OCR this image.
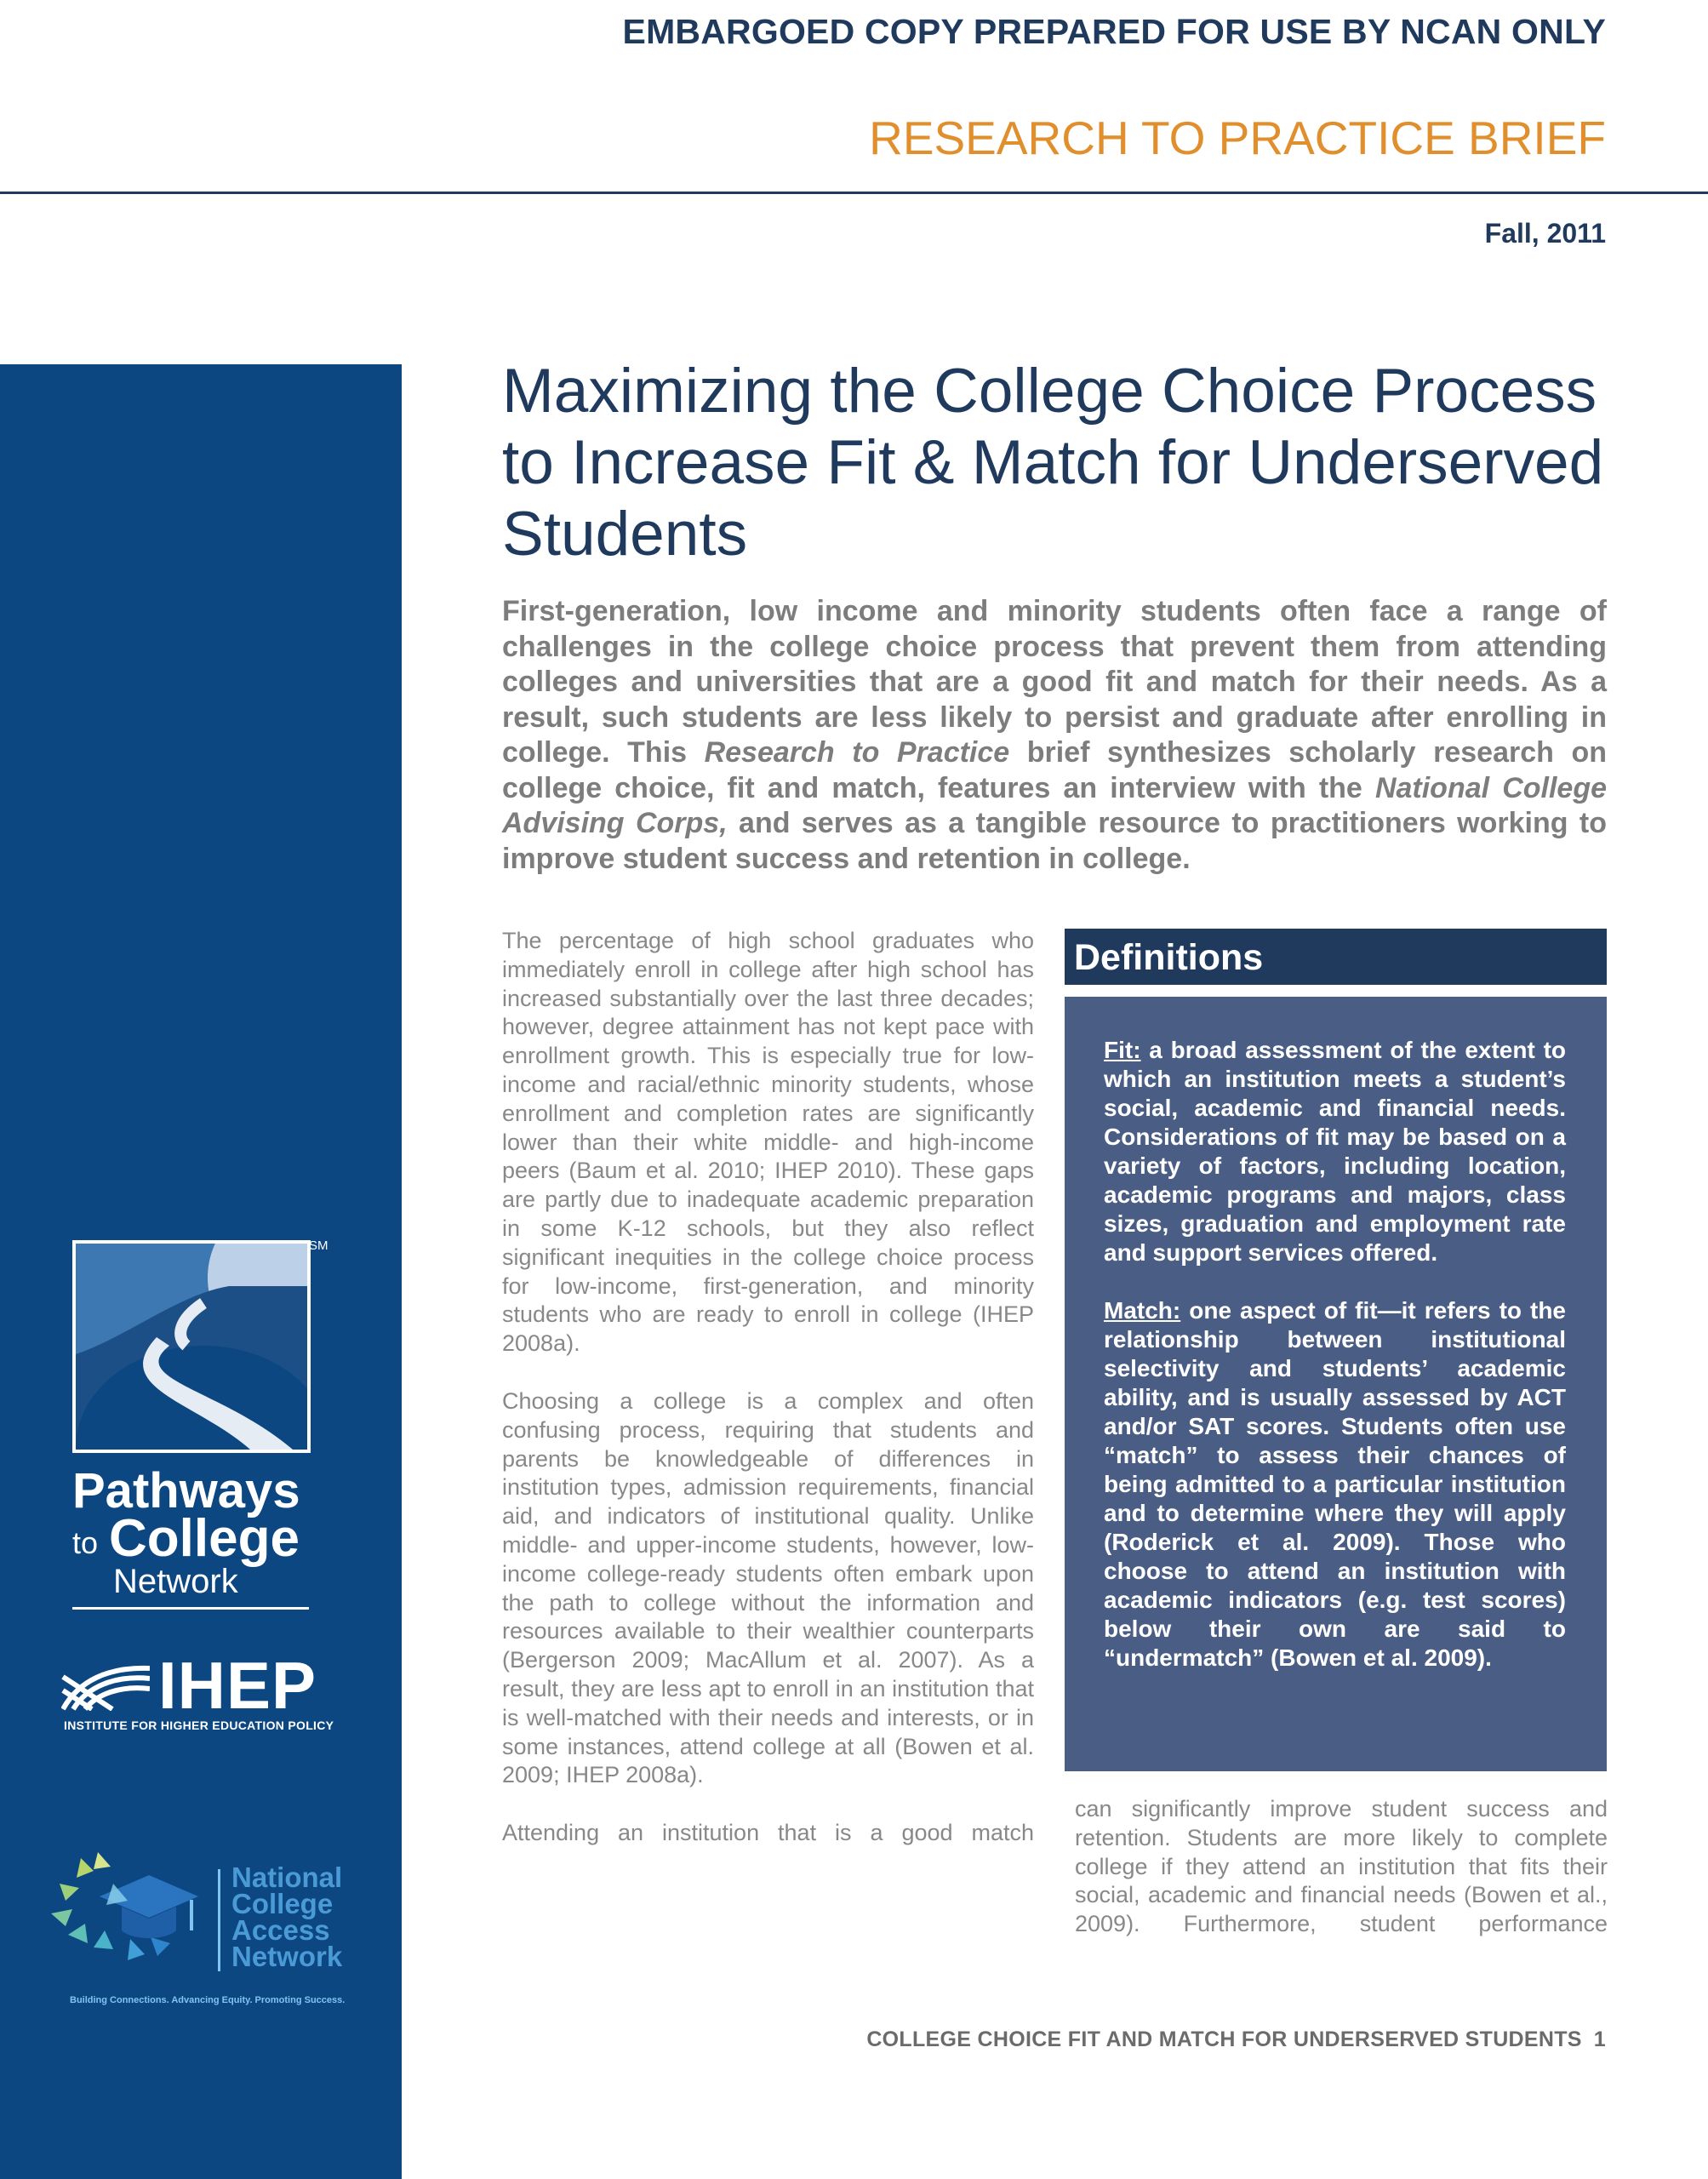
EMBARGOED COPY PREPARED FOR USE BY NCAN ONLY
RESEARCH TO PRACTICE BRIEF
Fall, 2011
SM
Pathways
to College
Network
IHEP
INSTITUTE FOR HIGHER EDUCATION POLICY
National
College
Access
Network
Building Connections. Advancing Equity. Promoting Success.
Maximizing the College Choice Process
to Increase Fit & Match for Underserved
Students
First-generation, low income and minority students often face a range of challenges in the college choice process that prevent them from attending colleges and universities that are a good fit and match for their needs. As a result, such students are less likely to persist and graduate after enrolling in college. This Research to Practice brief synthesizes scholarly research on college choice, fit and match, features an interview with the National College Advising Corps, and serves as a tangible resource to practitioners working to improve student success and retention in college.

The percentage of high school graduates who immediately enroll in college after high school has increased substantially over the last three decades; however, degree attainment has not kept pace with enrollment growth. This is especially true for low-income and racial/ethnic minority students, whose enrollment and completion rates are significantly lower than their white middle- and high-income peers (Baum et al. 2010; IHEP 2010). These gaps are partly due to inadequate academic preparation in some K-12 schools, but they also reflect significant inequities in the college choice process for low-income, first-generation, and minority students who are ready to enroll in college (IHEP 2008a).

Choosing a college is a complex and often confusing process, requiring that students and parents be knowledgeable of differences in institution types, admission requirements, financial aid, and indicators of institutional quality. Unlike middle- and upper-income students, however, low-income college-ready students often embark upon the path to college without the information and resources available to their wealthier counterparts (Bergerson 2009; MacAllum et al. 2007). As a result, they are less apt to enroll in an institution that is well-matched with their needs and interests, or in some instances, attend college at all (Bowen et al. 2009; IHEP 2008a).

Attending an institution that is a good match

Definitions

Fit: a broad assessment of the extent to which an institution meets a student’s social, academic and financial needs. Considerations of fit may be based on a variety of factors, including location, academic programs and majors, class sizes, graduation and employment rate and support services offered.

Match: one aspect of fit—it refers to the relationship between institutional selectivity and students’ academic ability, and is usually assessed by ACT and/or SAT scores. Students often use “match” to assess their chances of being admitted to a particular institution and to determine where they will apply (Roderick et al. 2009). Those who choose to attend an institution with academic indicators (e.g. test scores) below their own are said to “undermatch” (Bowen et al. 2009).

can significantly improve student success and retention. Students are more likely to complete college if they attend an institution that fits their social, academic and financial needs (Bowen et al., 2009). Furthermore, student performance
COLLEGE CHOICE FIT AND MATCH FOR UNDERSERVED STUDENTS 1
